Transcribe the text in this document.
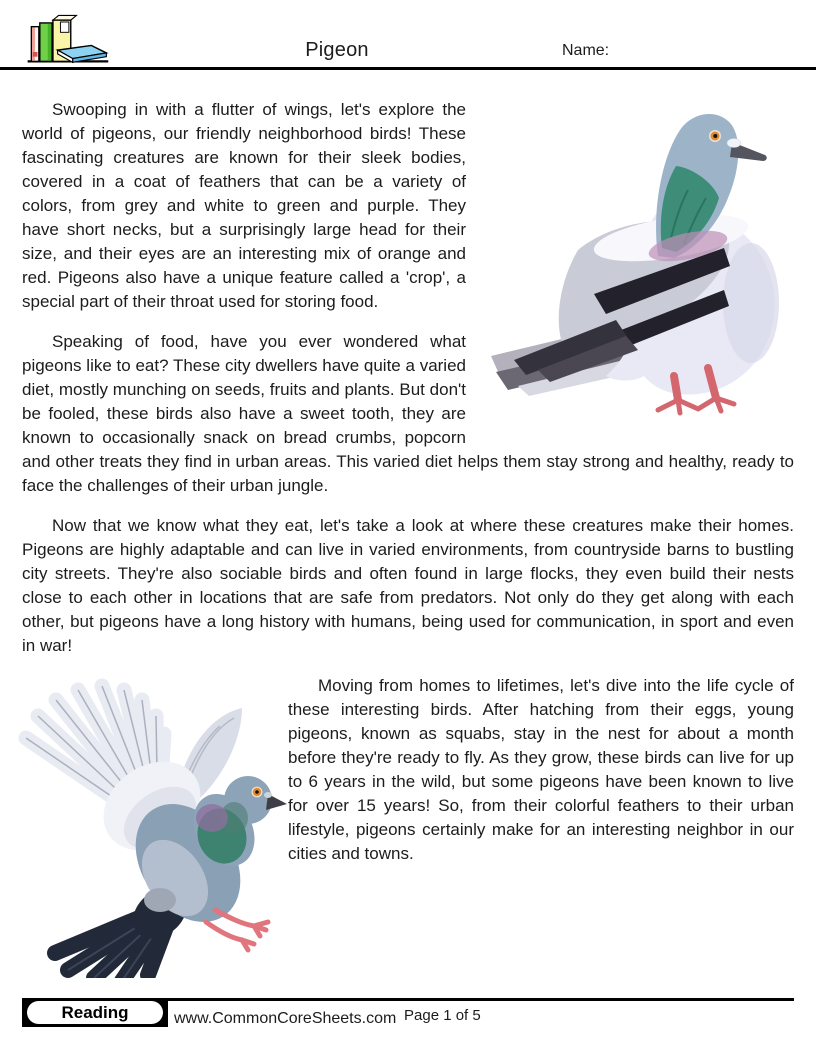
Pigeon	Name:

Swooping in with a flutter of wings, let's explore the world of pigeons, our friendly neighborhood birds! These fascinating creatures are known for their sleek bodies, covered in a coat of feathers that can be a variety of colors, from grey and white to green and purple. They have short necks, but a surprisingly large head for their size, and their eyes are an interesting mix of orange and red. Pigeons also have a unique feature called a 'crop', a special part of their throat used for storing food.

Speaking of food, have you ever wondered what pigeons like to eat? These city dwellers have quite a varied diet, mostly munching on seeds, fruits and plants. But don't be fooled, these birds also have a sweet tooth, they are known to occasionally snack on bread crumbs, popcorn and other treats they find in urban areas. This varied diet helps them stay strong and healthy, ready to face the challenges of their urban jungle.

Now that we know what they eat, let's take a look at where these creatures make their homes. Pigeons are highly adaptable and can live in varied environments, from countryside barns to bustling city streets. They're also sociable birds and often found in large flocks, they even build their nests close to each other in locations that are safe from predators. Not only do they get along with each other, but pigeons have a long history with humans, being used for communication, in sport and even in war!

Moving from homes to lifetimes, let's dive into the life cycle of these interesting birds. After hatching from their eggs, young pigeons, known as squabs, stay in the nest for about a month before they're ready to fly. As they grow, these birds can live for up to 6 years in the wild, but some pigeons have been known to live for over 15 years! So, from their colorful feathers to their urban lifestyle, pigeons certainly make for an interesting neighbor in our cities and towns.

Reading	www.CommonCoreSheets.com Page 1 of 5
